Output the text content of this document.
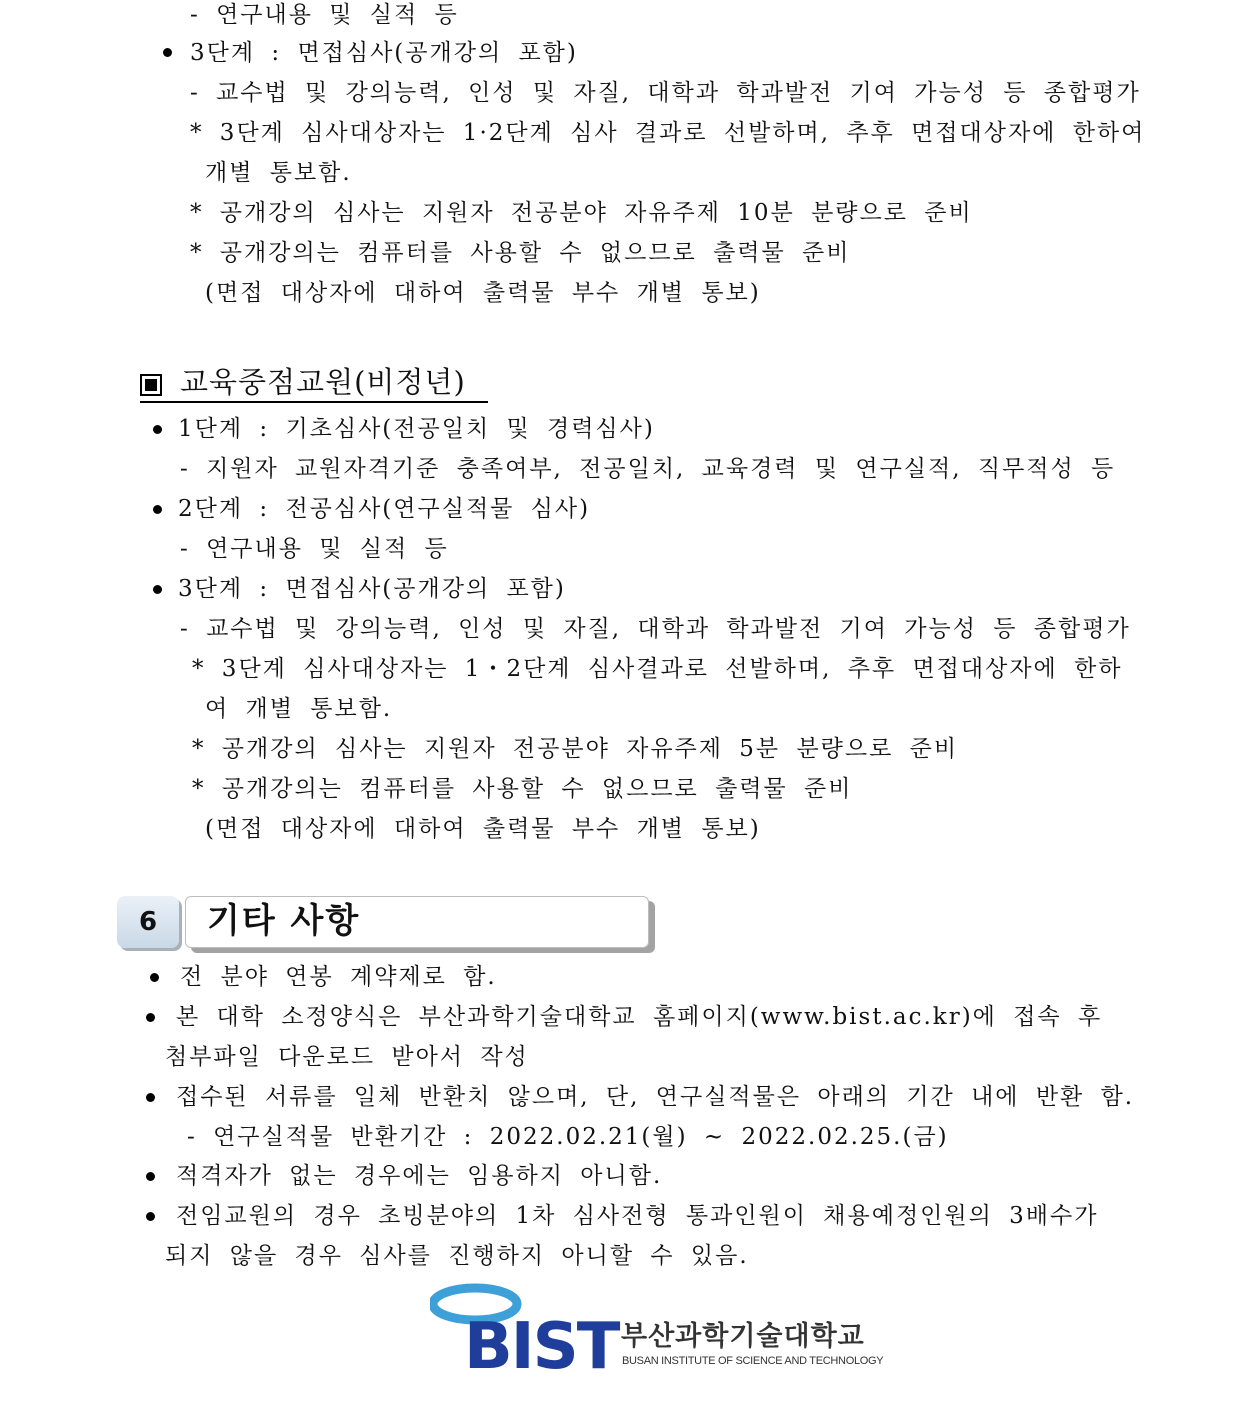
- 연구내용 및 실적 등
3단계 : 면접심사(공개강의 포함)
- 교수법 및 강의능력, 인성 및 자질, 대학과 학과발전 기여 가능성 등 종합평가
* 3단계 심사대상자는 1·2단계 심사 결과로 선발하며, 추후 면접대상자에 한하여
개별 통보함.
* 공개강의 심사는 지원자 전공분야 자유주제 10분 분량으로 준비
* 공개강의는 컴퓨터를 사용할 수 없으므로 출력물 준비
(면접 대상자에 대하여 출력물 부수 개별 통보)
교육중점교원(비정년)
1단계 : 기초심사(전공일치 및 경력심사)
- 지원자 교원자격기준 충족여부, 전공일치, 교육경력 및 연구실적, 직무적성 등
2단계 : 전공심사(연구실적물 심사)
- 연구내용 및 실적 등
3단계 : 면접심사(공개강의 포함)
- 교수법 및 강의능력, 인성 및 자질, 대학과 학과발전 기여 가능성 등 종합평가
* 3단계 심사대상자는 1・2단계 심사결과로 선발하며, 추후 면접대상자에 한하
여 개별 통보함.
* 공개강의 심사는 지원자 전공분야 자유주제 5분 분량으로 준비
* 공개강의는 컴퓨터를 사용할 수 없으므로 출력물 준비
(면접 대상자에 대하여 출력물 부수 개별 통보)
6	기타 사항
전 분야 연봉 계약제로 함.
본 대학 소정양식은 부산과학기술대학교 홈페이지(www.bist.ac.kr)에 접속 후
첨부파일 다운로드 받아서 작성
접수된 서류를 일체 반환치 않으며, 단, 연구실적물은 아래의 기간 내에 반환 함.
- 연구실적물 반환기간 : 2022.02.21(월) ~ 2022.02.25.(금)
적격자가 없는 경우에는 임용하지 아니함.
전임교원의 경우 초빙분야의 1차 심사전형 통과인원이 채용예정인원의 3배수가
되지 않을 경우 심사를 진행하지 아니할 수 있음.
BIST 부산과학기술대학교
BUSAN INSTITUTE OF SCIENCE AND TECHNOLOGY
